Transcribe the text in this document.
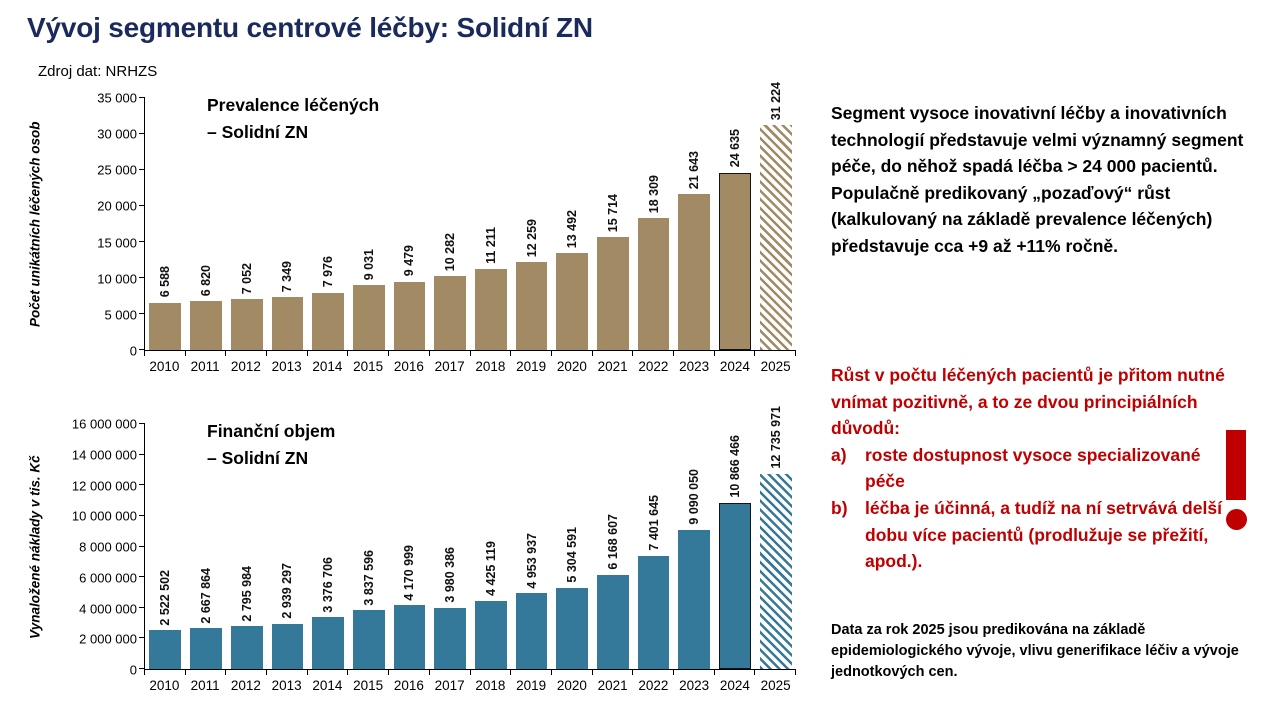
Vývoj segmentu centrové léčby: Solidní ZN
Zdroj dat: NRHZS
Počet unikátních léčených osob
0
5 000
10 000
15 000
20 000
25 000
30 000
35 000
6 588 6 820 7 052 7 349 7 976 9 031 9 479 10 282 11 211 12 259 13 492 15 714 18 309
21 643
24 635
31 224
Prevalence léčených
– Solidní ZN
2010 2011 2012 2013 2014 2015 2016 2017 2018 2019 2020 2021 2022 2023 2024 2025
Vynaložené náklady v tis. Kč
0
2 000 000
4 000 000
6 000 000
8 000 000
10 000 000
12 000 000
14 000 000
16 000 000
2 522 502 2 667 864 2 795 984 2 939 297 3 376 706 3 837 596 4 170 999 3 980 386 4 425 119 4 953 937 5 304 591 6 168 607 7 401 645 9 090 050 10 866 466 12 735 971
Finanční objem
– Solidní ZN
2010 2011 2012 2013 2014 2015 2016 2017 2018 2019 2020 2021 2022 2023 2024 2025
Segment vysoce inovativní léčby a inovativních technologií představuje velmi významný segment péče, do něhož spadá léčba > 24 000 pacientů. Populačně predikovaný „pozaďový“ růst (kalkulovaný na základě prevalence léčených) představuje cca +9 až +11% ročně.
Růst v počtu léčených pacientů je přitom nutné vnímat pozitivně, a to ze dvou principiálních důvodů:
a)	roste dostupnost vysoce specializované péče
b) léčba je účinná, a tudíž na ní setrvává delší dobu více pacientů (prodlužuje se přežití, apod.).
Data za rok 2025 jsou predikována na základě epidemiologického vývoje, vlivu generifikace léčiv a vývoje jednotkových cen.
